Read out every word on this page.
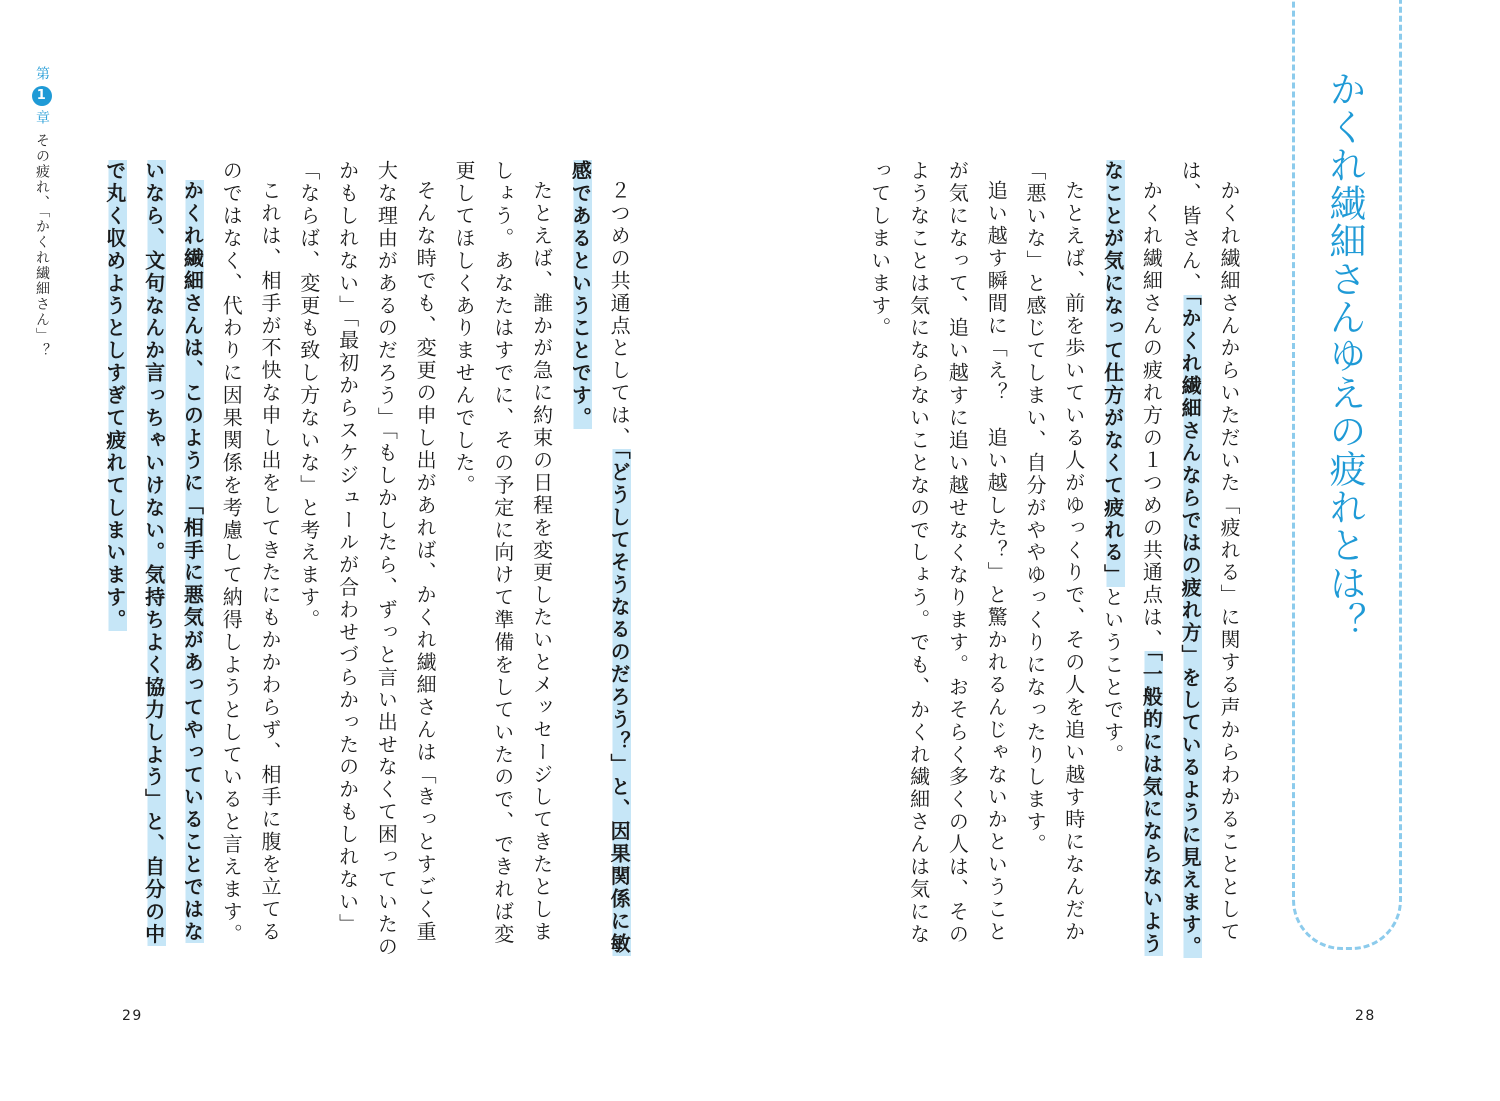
第
1
章
その疲れ、「かくれ繊細さん」？	２つめの共通点としては、「どうしてそうなるのだろう？」と、因果関係に敏感であるということです。

たとえば、誰かが急に約束の日程を変更したいとメッセージしてきたとしましょう。あなたはすでに、その予定に向けて準備をしていたので、できれば変更してほしくありませんでした。

そんな時でも、変更の申し出があれば、かくれ繊細さんは「きっとすごく重大な理由があるのだろう」「もしかしたら、ずっと言い出せなくて困っていたのかもしれない」「最初からスケジュールが合わせづらかったのかもしれない」「ならば、変更も致し方ないな」と考えます。

これは、相手が不快な申し出をしてきたにもかかわらず、相手に腹を立てるのではなく、代わりに因果関係を考慮して納得しようとしていると言えます。

かくれ繊細さんは、このように「相手に悪気があってやっていることではないなら、文句なんか言っちゃいけない。気持ちよく協力しよう」と、自分の中で丸く収めようとしすぎて疲れてしまいます。

29
かくれ繊細さんゆえの疲れとは？

かくれ繊細さんからいただいた「疲れる」に関する声からわかることとしては、皆さん、「かくれ繊細さんならではの疲れ方」をしているように見えます。

かくれ繊細さんの疲れ方の１つめの共通点は、「一般的には気にならないようなことが気になって仕方がなくて疲れる」ということです。

たとえば、前を歩いている人がゆっくりで、その人を追い越す時になんだか「悪いな」と感じてしまい、自分がややゆっくりになったりします。

追い越す瞬間に「え？　追い越した？」と驚かれるんじゃないかということが気になって、追い越すに追い越せなくなります。おそらく多くの人は、そのようなことは気にならないことなのでしょう。でも、かくれ繊細さんは気になってしまいます。

28
